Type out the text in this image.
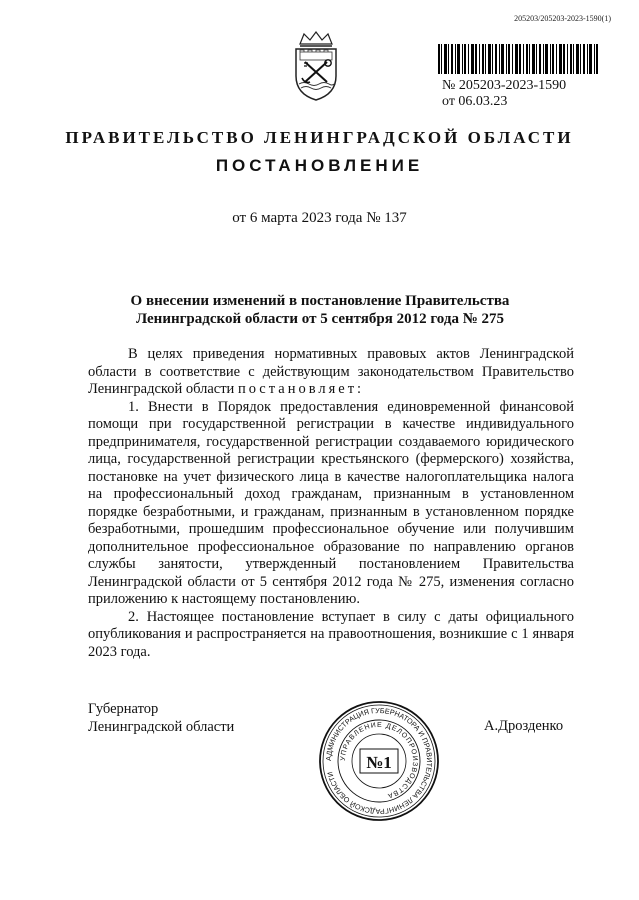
205203/205203-2023-1590(1)
№ 205203-2023-1590
от 06.03.23
ПРАВИТЕЛЬСТВО ЛЕНИНГРАДСКОЙ ОБЛАСТИ
ПОСТАНОВЛЕНИЕ
от 6 марта 2023 года № 137
О внесении изменений в постановление Правительства
Ленинградской области от 5 сентября 2012 года № 275

В целях приведения нормативных правовых актов Ленинградской области в соответствие с действующим законодательством Правительство Ленинградской области постановляет:

1. Внести в Порядок предоставления единовременной финансовой помощи при государственной регистрации в качестве индивидуального предпринимателя, государственной регистрации создаваемого юридического лица, государственной регистрации крестьянского (фермерского) хозяйства, постановке на учет физического лица в качестве налогоплательщика налога на профессиональный доход гражданам, признанным в установленном порядке безработными, и гражданам, признанным в установленном порядке безработными, прошедшим профессиональное обучение или получившим дополнительное профессиональное образование по направлению органов службы занятости, утвержденный постановлением Правительства Ленинградской области от 5 сентября 2012 года № 275, изменения согласно приложению к настоящему постановлению.

2. Настоящее постановление вступает в силу с даты официального опубликования и распространяется на правоотношения, возникшие с 1 января 2023 года.

Губернатор
Ленинградской области	А.Дрозденко
АДМИНИСТРАЦИЯ ГУБЕРНАТОРА И ПРАВИТЕЛЬСТВА ЛЕНИНГРАДСКОЙ ОБЛАСТИ
УПРАВЛЕНИЕ ДЕЛОПРОИЗВОДСТВА
№1
